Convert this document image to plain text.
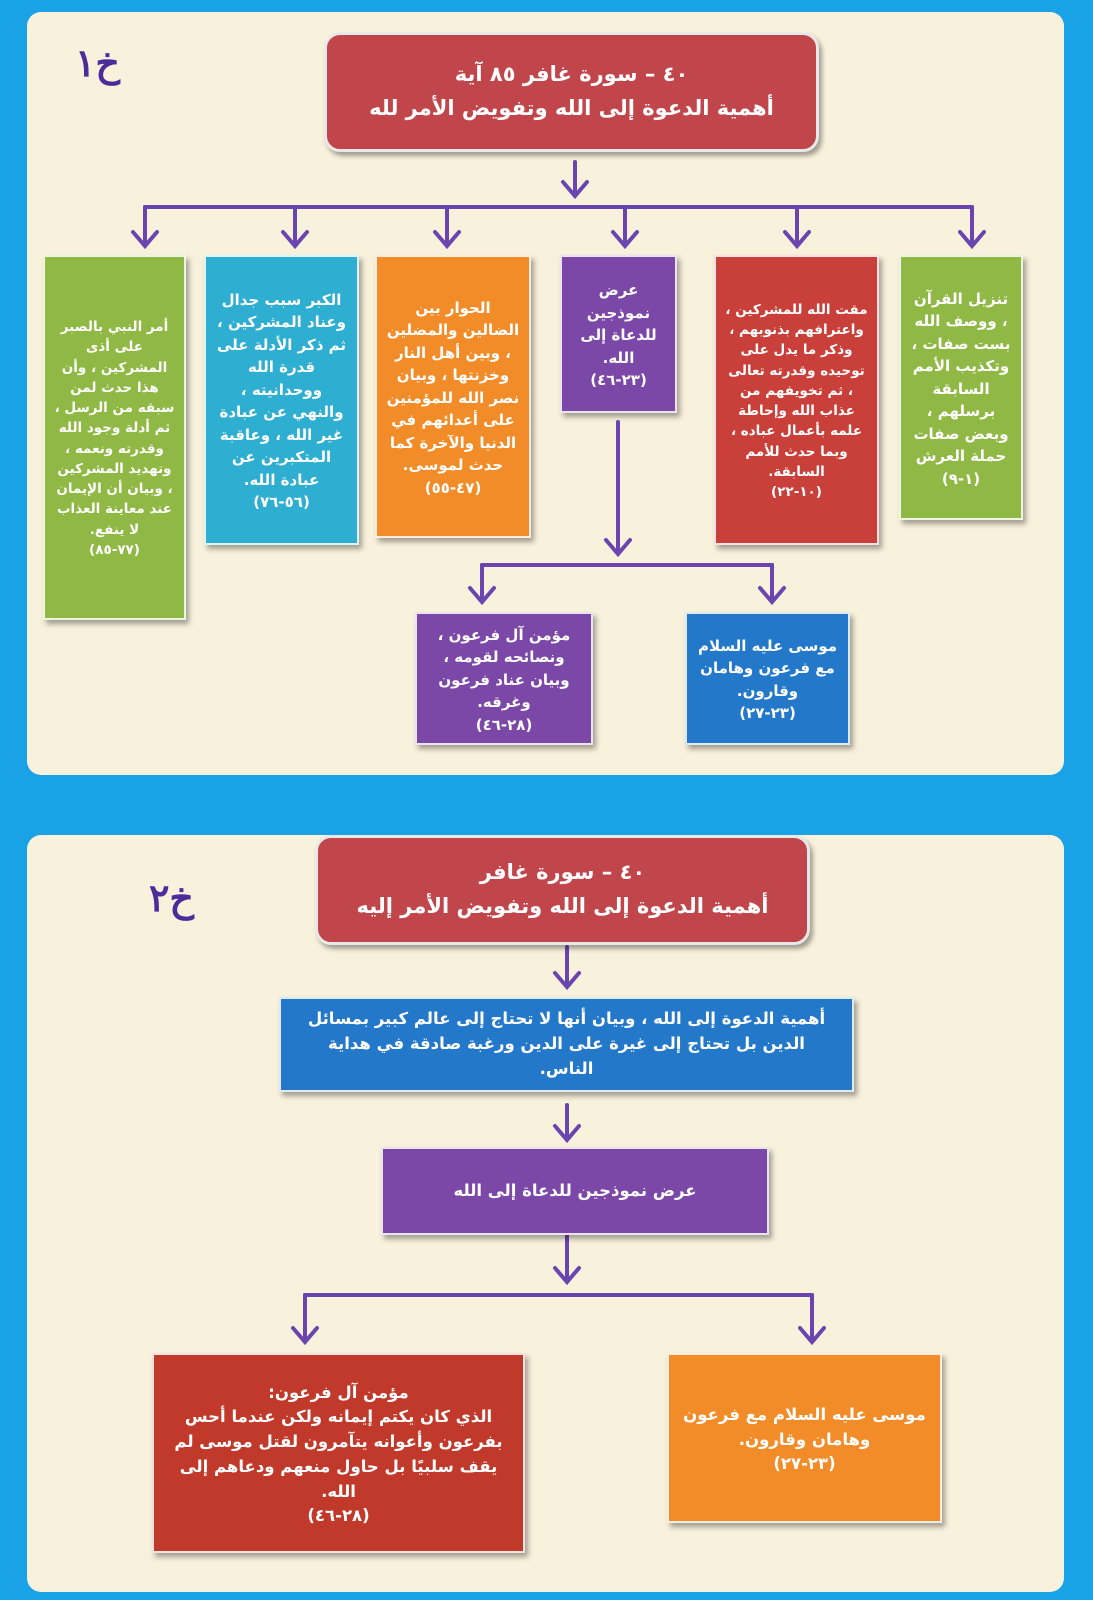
خ١	٤٠ – سورة غافر ٨٥ آية
أهمية الدعوة إلى الله وتفويض الأمر لله
تنزيل القرآن ، ووصف الله بست صفات ، وتكذيب الأمم السابقة برسلهم ، وبعض صفات حملة العرش
(١-٩)
مقت الله للمشركين ، واعترافهم بذنوبهم ، وذكر ما يدل على توحيده وقدرته تعالى ، ثم تخويفهم من عذاب الله وإحاطة علمه بأعمال عباده ، وبما حدث للأمم السابقة.
(١٠-٢٢)
عرض نموذجين للدعاة إلى الله.
(٢٣-٤٦)
الحوار بين الضالين والمضلين ، وبين أهل النار وخزنتها ، وبيان نصر الله للمؤمنين على أعدائهم في الدنيا والآخرة كما حدث لموسى.
(٤٧-٥٥)
الكبر سبب جدال وعناد المشركين ، ثم ذكر الأدلة على قدرة الله ووحدانيته ، والنهي عن عبادة غير الله ، وعاقبة المتكبرين عن عبادة الله.
(٥٦-٧٦)
أمر النبي بالصبر على أذى المشركين ، وأن هذا حدث لمن سبقه من الرسل ، ثم أدلة وجود الله وقدرته ونعمه ، وتهديد المشركين ، وبيان أن الإيمان عند معاينة العذاب لا ينفع.
(٧٧-٨٥)
موسى عليه السلام مع فرعون وهامان وقارون.
(٢٣-٢٧)
مؤمن آل فرعون ، ونصائحه لقومه ، وبيان عناد فرعون وغرقه.
(٢٨-٤٦)
خ٢
٤٠ – سورة غافر
أهمية الدعوة إلى الله وتفويض الأمر إليه
أهمية الدعوة إلى الله ، وبيان أنها لا تحتاج إلى عالم كبير بمسائل الدين بل تحتاج إلى غيرة على الدين ورغبة صادقة في هداية الناس.
عرض نموذجين للدعاة إلى الله
موسى عليه السلام مع فرعون وهامان وقارون.
(٢٣-٢٧)
مؤمن آل فرعون:
الذي كان يكتم إيمانه ولكن عندما أحس بفرعون وأعوانه يتآمرون لقتل موسى لم يقف سلبيًا بل حاول منعهم ودعاهم إلى الله.
(٢٨-٤٦)
